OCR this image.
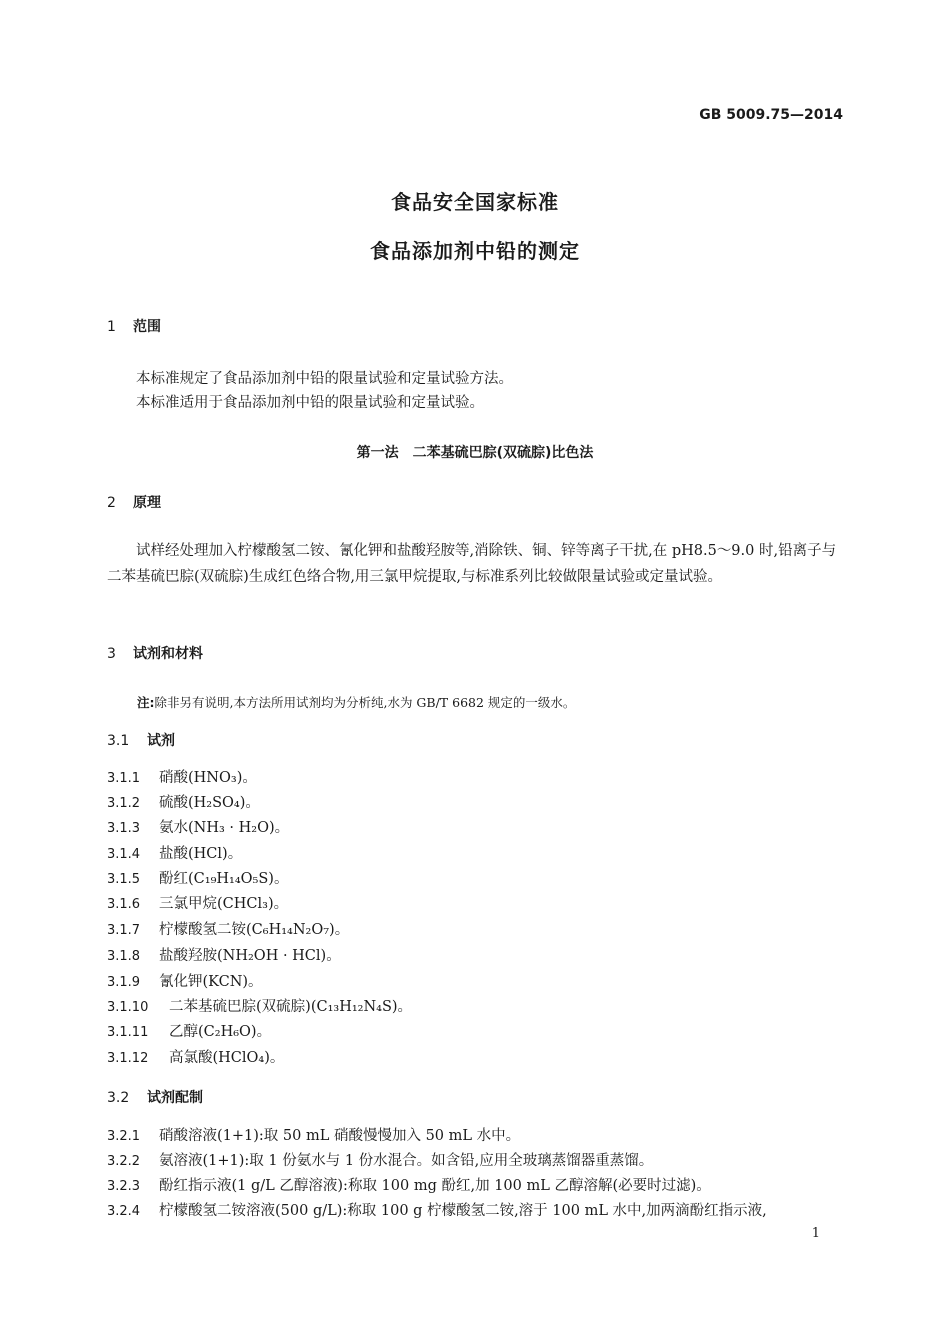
GB 5009.75—2014
食品安全国家标准
食品添加剂中铅的测定
1 范围
本标准规定了食品添加剂中铅的限量试验和定量试验方法。
本标准适用于食品添加剂中铅的限量试验和定量试验。
第一法　二苯基硫巴腙(双硫腙)比色法
2 原理
试样经处理加入柠檬酸氢二铵、氰化钾和盐酸羟胺等,消除铁、铜、锌等离子干扰,在 pH8.5～9.0 时,铅离子与二苯基硫巴腙(双硫腙)生成红色络合物,用三氯甲烷提取,与标准系列比较做限量试验或定量试验。
3 试剂和材料
注:除非另有说明,本方法所用试剂均为分析纯,水为 GB/T 6682 规定的一级水。
3.1 试剂
3.1.1 硝酸(HNO₃)。
3.1.2 硫酸(H₂SO₄)。
3.1.3 氨水(NH₃ · H₂O)。
3.1.4 盐酸(HCl)。
3.1.5 酚红(C₁₉H₁₄O₅S)。
3.1.6 三氯甲烷(CHCl₃)。
3.1.7 柠檬酸氢二铵(C₆H₁₄N₂O₇)。
3.1.8 盐酸羟胺(NH₂OH · HCl)。
3.1.9 氰化钾(KCN)。
3.1.10 二苯基硫巴腙(双硫腙)(C₁₃H₁₂N₄S)。
3.1.11 乙醇(C₂H₆O)。
3.1.12 高氯酸(HClO₄)。
3.2 试剂配制
3.2.1 硝酸溶液(1+1):取 50 mL 硝酸慢慢加入 50 mL 水中。
3.2.2 氨溶液(1+1):取 1 份氨水与 1 份水混合。如含铅,应用全玻璃蒸馏器重蒸馏。
3.2.3 酚红指示液(1 g/L 乙醇溶液):称取 100 mg 酚红,加 100 mL 乙醇溶解(必要时过滤)。
3.2.4 柠檬酸氢二铵溶液(500 g/L):称取 100 g 柠檬酸氢二铵,溶于 100 mL 水中,加两滴酚红指示液,
1
